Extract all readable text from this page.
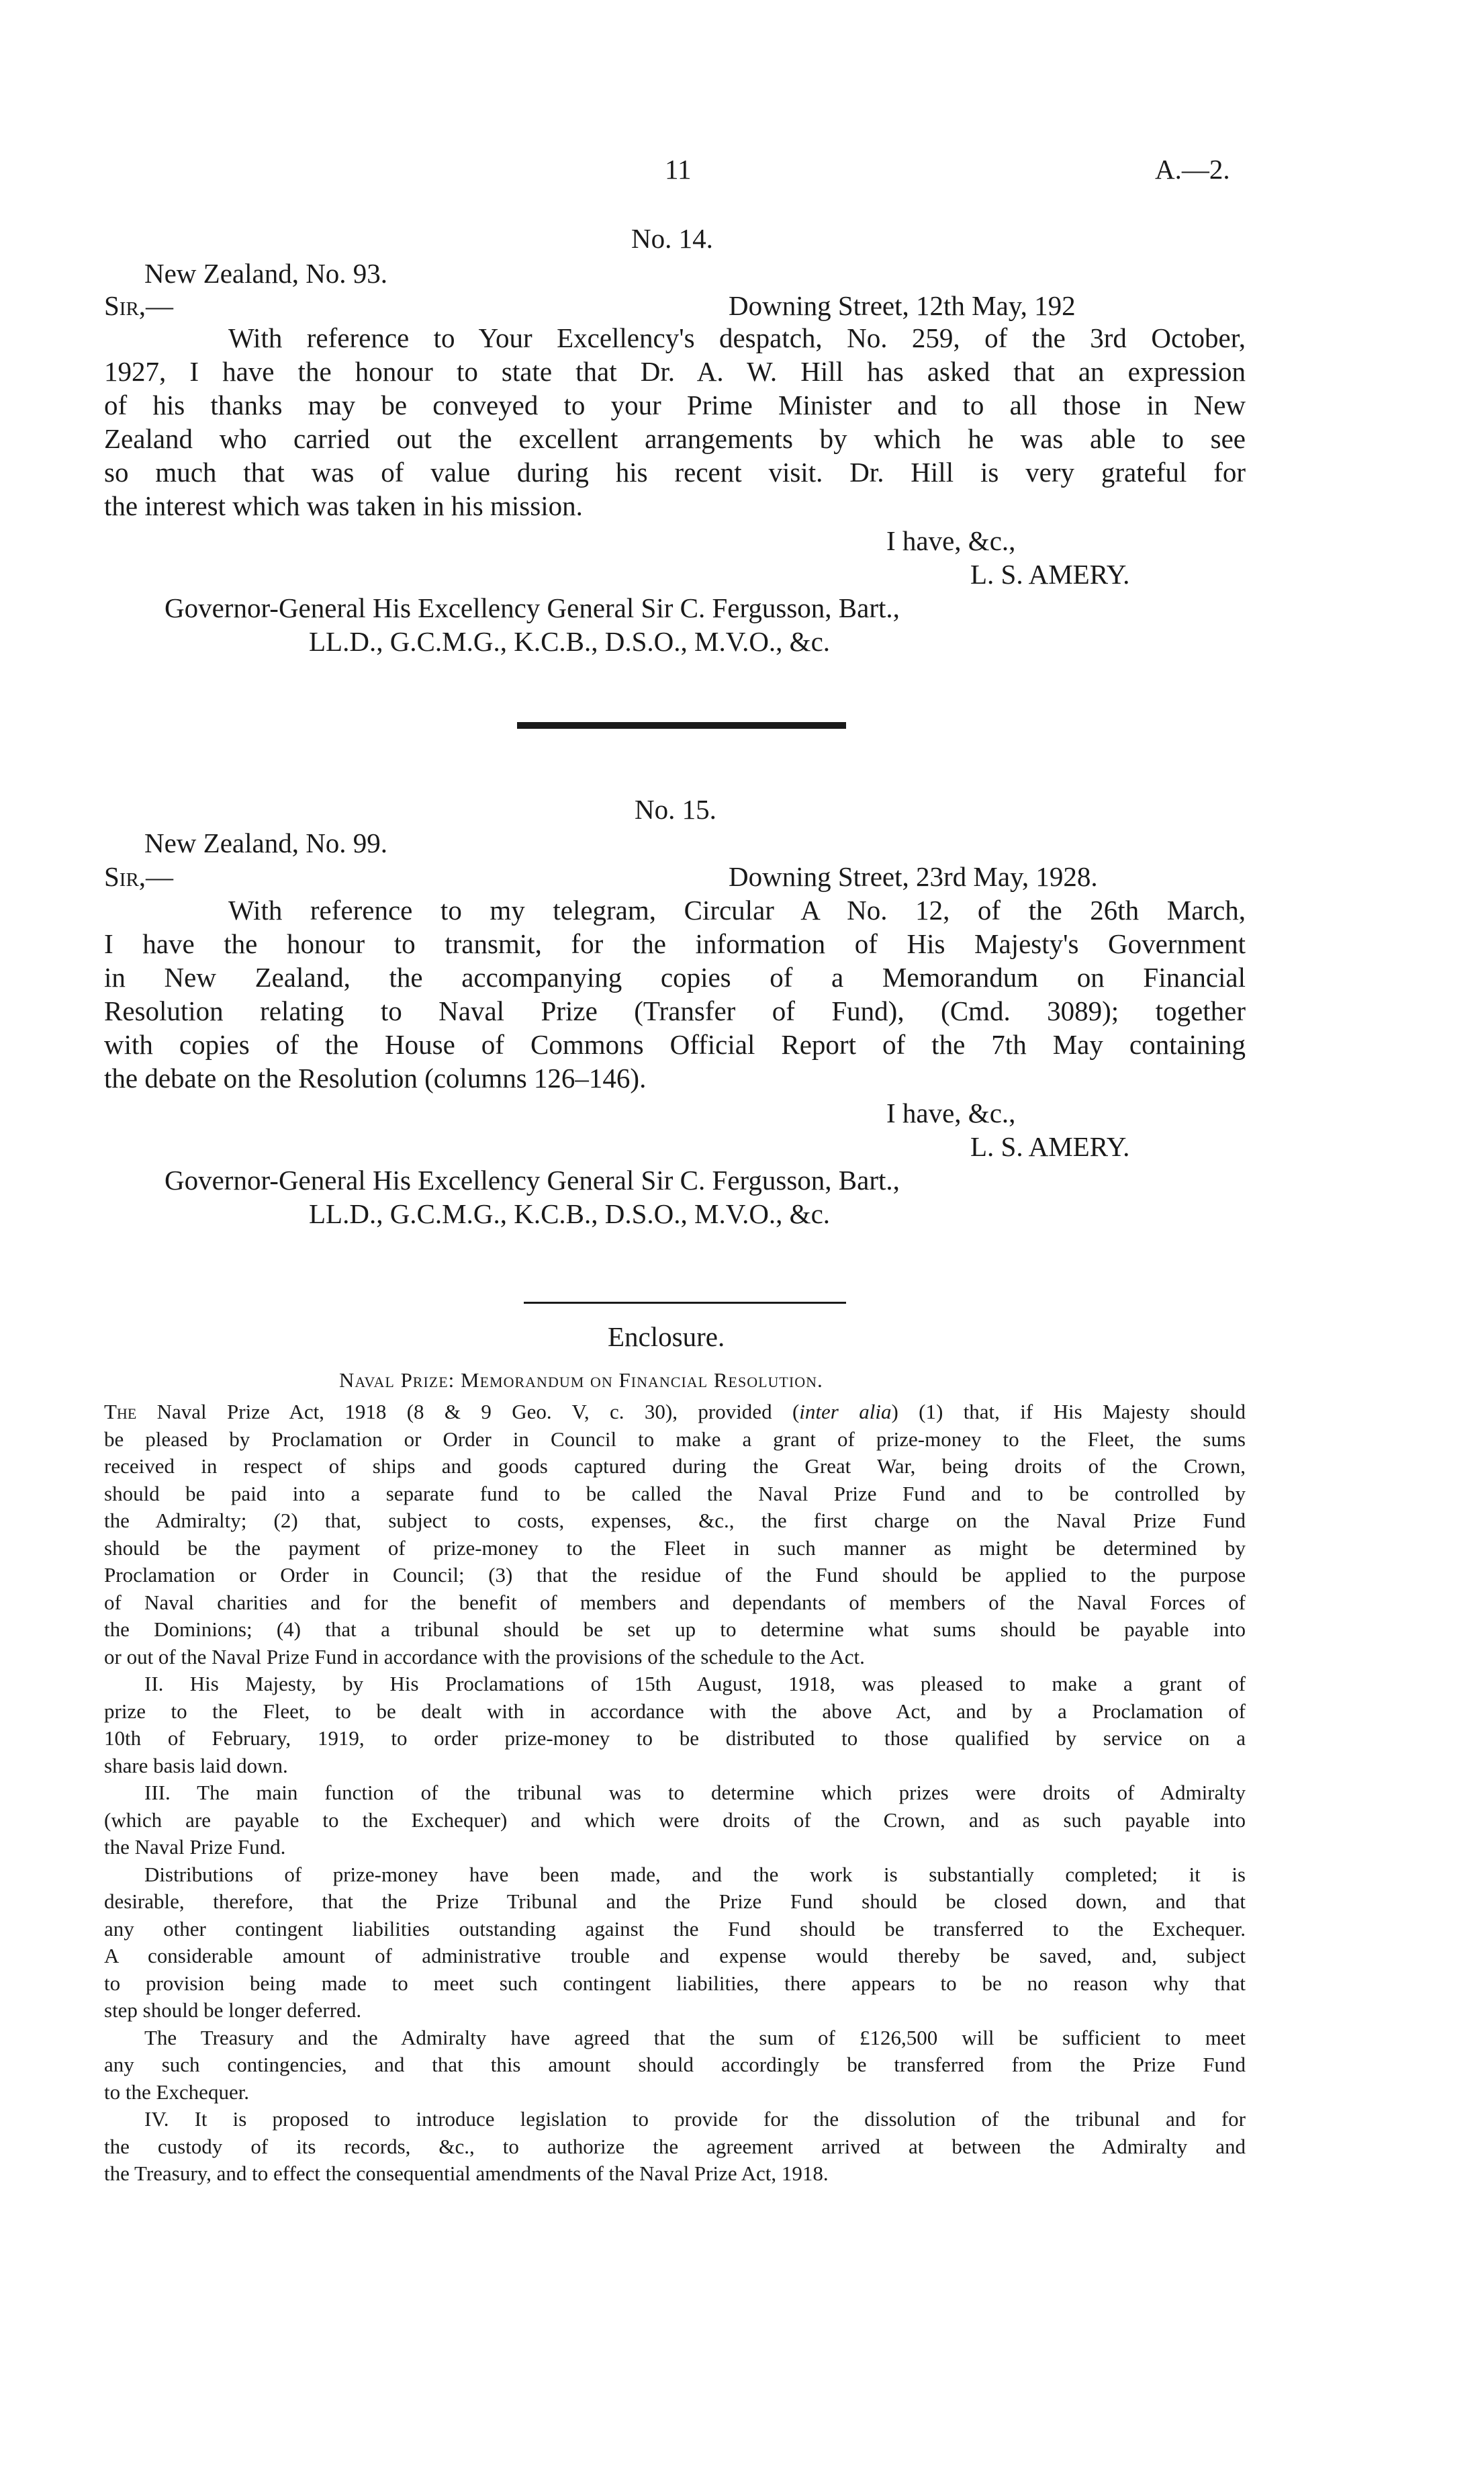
11	A.—2.
No. 14.
New Zealand, No. 93.
Sir,—	Downing Street, 12th May, 192
With reference to Your Excellency's despatch, No. 259, of the 3rd October,
1927, I have the honour to state that Dr. A. W. Hill has asked that an expression
of his thanks may be conveyed to your Prime Minister and to all those in New
Zealand who carried out the excellent arrangements by which he was able to see
so much that was of value during his recent visit. Dr. Hill is very grateful for
the interest which was taken in his mission.
I have, &c.,
L. S. AMERY.
Governor-General His Excellency General Sir C. Fergusson, Bart.,
LL.D., G.C.M.G., K.C.B., D.S.O., M.V.O., &c.
No. 15.
New Zealand, No. 99.
Sir,—	Downing Street, 23rd May, 1928.
With reference to my telegram, Circular A No. 12, of the 26th March,
I have the honour to transmit, for the information of His Majesty's Government
in New Zealand, the accompanying copies of a Memorandum on Financial
Resolution relating to Naval Prize (Transfer of Fund), (Cmd. 3089); together
with copies of the House of Commons Official Report of the 7th May containing
the debate on the Resolution (columns 126–146).
I have, &c.,
L. S. AMERY.
Governor-General His Excellency General Sir C. Fergusson, Bart.,
LL.D., G.C.M.G., K.C.B., D.S.O., M.V.O., &c.
Enclosure.
Naval Prize: Memorandum on Financial Resolution.
The Naval Prize Act, 1918 (8 & 9 Geo. V, c. 30), provided (inter alia) (1) that, if His Majesty should
be pleased by Proclamation or Order in Council to make a grant of prize-money to the Fleet, the sums
received in respect of ships and goods captured during the Great War, being droits of the Crown,
should be paid into a separate fund to be called the Naval Prize Fund and to be controlled by
the Admiralty; (2) that, subject to costs, expenses, &c., the first charge on the Naval Prize Fund
should be the payment of prize-money to the Fleet in such manner as might be determined by
Proclamation or Order in Council; (3) that the residue of the Fund should be applied to the purpose
of Naval charities and for the benefit of members and dependants of members of the Naval Forces of
the Dominions; (4) that a tribunal should be set up to determine what sums should be payable into
or out of the Naval Prize Fund in accordance with the provisions of the schedule to the Act.
II. His Majesty, by His Proclamations of 15th August, 1918, was pleased to make a grant of
prize to the Fleet, to be dealt with in accordance with the above Act, and by a Proclamation of
10th of February, 1919, to order prize-money to be distributed to those qualified by service on a
share basis laid down.
III. The main function of the tribunal was to determine which prizes were droits of Admiralty
(which are payable to the Exchequer) and which were droits of the Crown, and as such payable into
the Naval Prize Fund.
Distributions of prize-money have been made, and the work is substantially completed; it is
desirable, therefore, that the Prize Tribunal and the Prize Fund should be closed down, and that
any other contingent liabilities outstanding against the Fund should be transferred to the Exchequer.
A considerable amount of administrative trouble and expense would thereby be saved, and, subject
to provision being made to meet such contingent liabilities, there appears to be no reason why that
step should be longer deferred.
The Treasury and the Admiralty have agreed that the sum of £126,500 will be sufficient to meet
any such contingencies, and that this amount should accordingly be transferred from the Prize Fund
to the Exchequer.
IV. It is proposed to introduce legislation to provide for the dissolution of the tribunal and for
the custody of its records, &c., to authorize the agreement arrived at between the Admiralty and
the Treasury, and to effect the consequential amendments of the Naval Prize Act, 1918.
